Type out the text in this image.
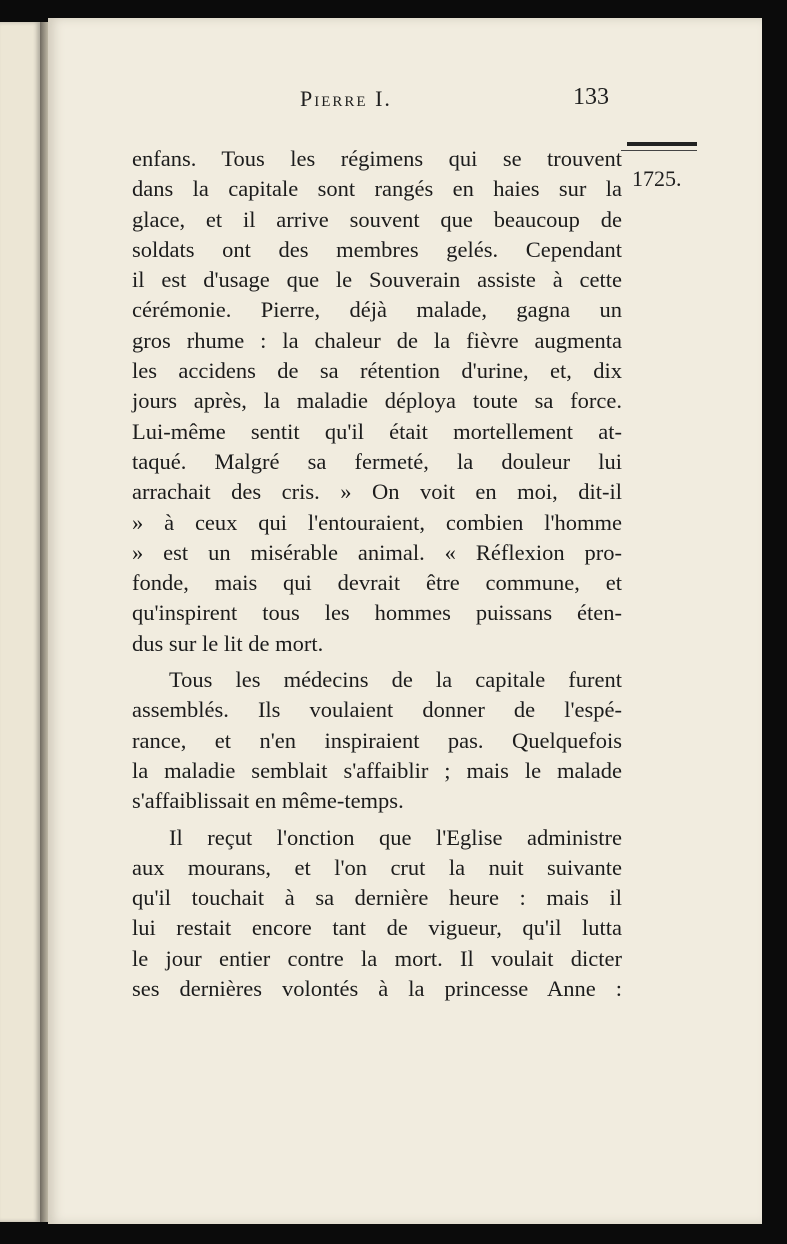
Pierre I.	133
1725.
enfans. Tous les régimens qui se trouvent
dans la capitale sont rangés en haies sur la
glace, et il arrive souvent que beaucoup de
soldats ont des membres gelés. Cependant
il est d'usage que le Souverain assiste à cette
cérémonie. Pierre, déjà malade, gagna un
gros rhume : la chaleur de la fièvre augmenta
les accidens de sa rétention d'urine, et, dix
jours après, la maladie déploya toute sa force.
Lui-même sentit qu'il était mortellement at-
taqué. Malgré sa fermeté, la douleur lui
arrachait des cris. » On voit en moi, dit-il
» à ceux qui l'entouraient, combien l'homme
» est un misérable animal. « Réflexion pro-
fonde, mais qui devrait être commune, et
qu'inspirent tous les hommes puissans éten-
dus sur le lit de mort.
Tous les médecins de la capitale furent
assemblés. Ils voulaient donner de l'espé-
rance, et n'en inspiraient pas. Quelquefois
la maladie semblait s'affaiblir ; mais le malade
s'affaiblissait en même-temps.
Il reçut l'onction que l'Eglise administre
aux mourans, et l'on crut la nuit suivante
qu'il touchait à sa dernière heure : mais il
lui restait encore tant de vigueur, qu'il lutta
le jour entier contre la mort. Il voulait dicter
ses dernières volontés à la princesse Anne :
